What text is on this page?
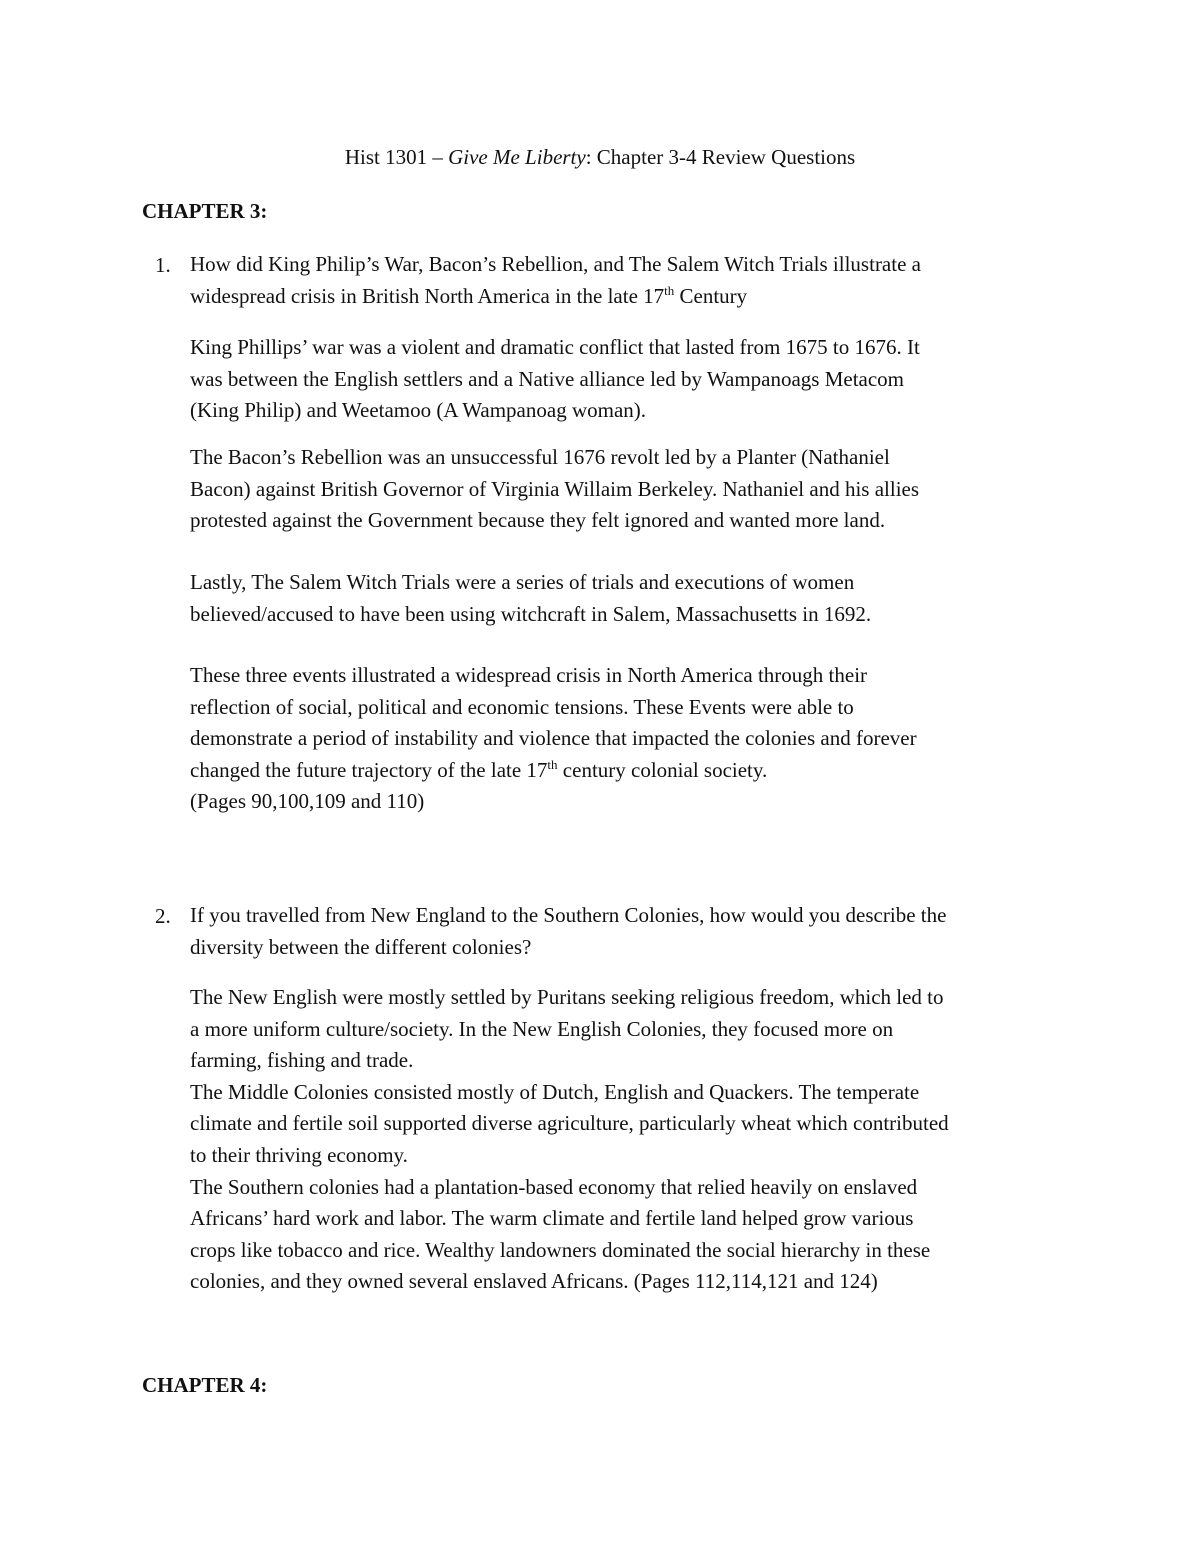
Hist 1301 – Give Me Liberty: Chapter 3-4 Review Questions
CHAPTER 3:
1. How did King Philip’s War, Bacon’s Rebellion, and The Salem Witch Trials illustrate a

widespread crisis in British North America in the late 17th Century

King Phillips’ war was a violent and dramatic conflict that lasted from 1675 to 1676. It

was between the English settlers and a Native alliance led by Wampanoags Metacom

(King Philip) and Weetamoo (A Wampanoag woman).

The Bacon’s Rebellion was an unsuccessful 1676 revolt led by a Planter (Nathaniel

Bacon) against British Governor of Virginia Willaim Berkeley. Nathaniel and his allies

protested against the Government because they felt ignored and wanted more land.

Lastly, The Salem Witch Trials were a series of trials and executions of women

believed/accused to have been using witchcraft in Salem, Massachusetts in 1692.

These three events illustrated a widespread crisis in North America through their

reflection of social, political and economic tensions. These Events were able to

demonstrate a period of instability and violence that impacted the colonies and forever

changed the future trajectory of the late 17th century colonial society.

(Pages 90,100,109 and 110)

2. If you travelled from New England to the Southern Colonies, how would you describe the

diversity between the different colonies?

The New English were mostly settled by Puritans seeking religious freedom, which led to

a more uniform culture/society. In the New English Colonies, they focused more on

farming, fishing and trade.

The Middle Colonies consisted mostly of Dutch, English and Quackers. The temperate

climate and fertile soil supported diverse agriculture, particularly wheat which contributed

to their thriving economy.

The Southern colonies had a plantation-based economy that relied heavily on enslaved

Africans’ hard work and labor. The warm climate and fertile land helped grow various

crops like tobacco and rice. Wealthy landowners dominated the social hierarchy in these

colonies, and they owned several enslaved Africans. (Pages 112,114,121 and 124)

CHAPTER 4:
